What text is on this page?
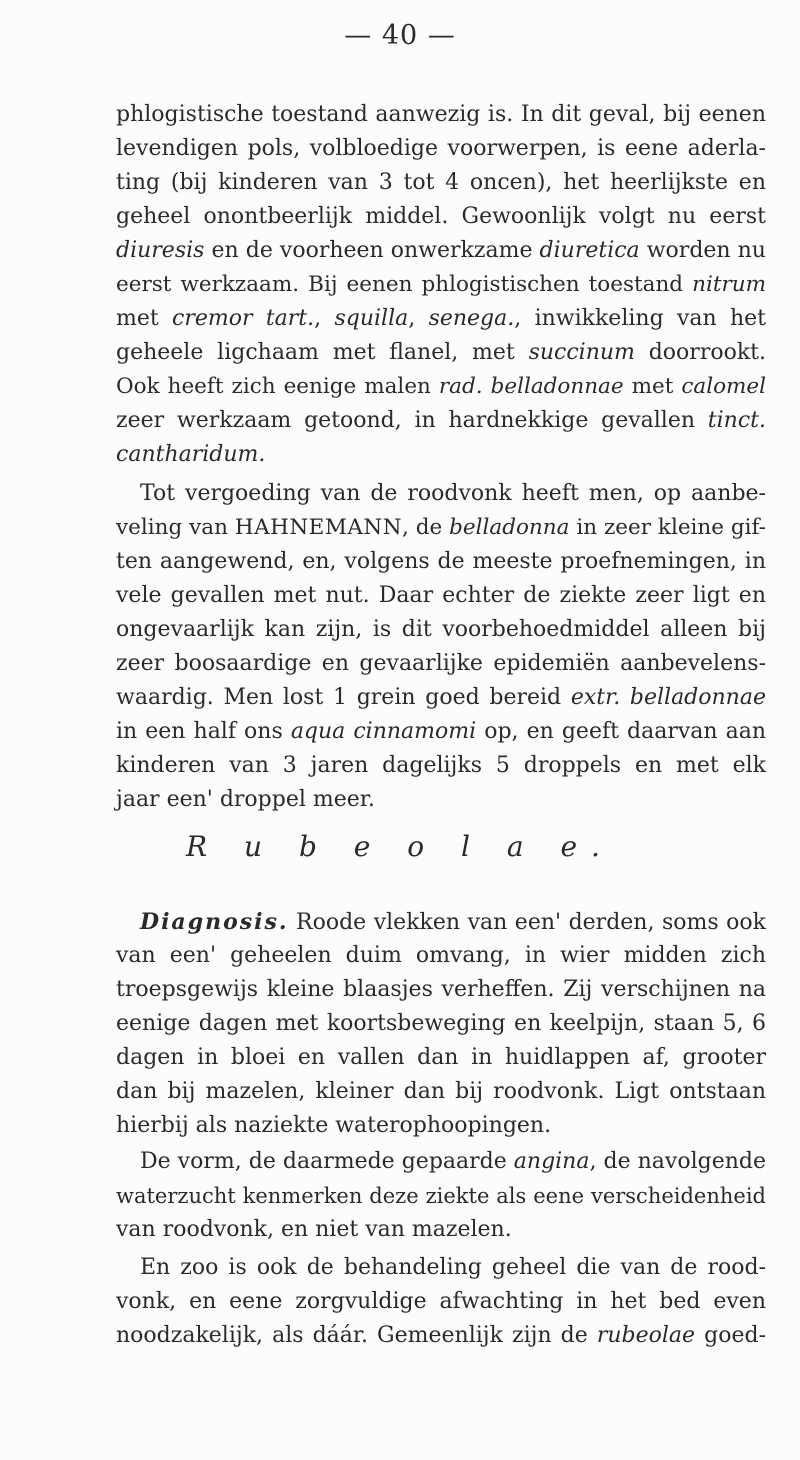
— 40 —
phlogistische toestand aanwezig is. In dit geval, bij eenen
levendigen pols, volbloedige voorwerpen, is eene aderla-
ting (bij kinderen van 3 tot 4 oncen), het heerlijkste en
geheel onontbeerlijk middel. Gewoonlijk volgt nu eerst
diuresis en de voorheen onwerkzame diuretica worden nu
eerst werkzaam. Bij eenen phlogistischen toestand nitrum
met cremor tart., squilla, senega., inwikkeling van het
geheele ligchaam met flanel, met succinum doorrookt.
Ook heeft zich eenige malen rad. belladonnae met calomel
zeer werkzaam getoond, in hardnekkige gevallen tinct.
cantharidum.
Tot vergoeding van de roodvonk heeft men, op aanbe-
veling van HAHNEMANN, de belladonna in zeer kleine gif-
ten aangewend, en, volgens de meeste proefnemingen, in
vele gevallen met nut. Daar echter de ziekte zeer ligt en
ongevaarlijk kan zijn, is dit voorbehoedmiddel alleen bij
zeer boosaardige en gevaarlijke epidemiën aanbevelens-
waardig. Men lost 1 grein goed bereid extr. belladonnae
in een half ons aqua cinnamomi op, en geeft daarvan aan
kinderen van 3 jaren dagelijks 5 droppels en met elk
jaar een' droppel meer.
R u b e o l a e.
Diagnosis. Roode vlekken van een' derden, soms ook
van een' geheelen duim omvang, in wier midden zich
troepsgewijs kleine blaasjes verheffen. Zij verschijnen na
eenige dagen met koortsbeweging en keelpijn, staan 5, 6
dagen in bloei en vallen dan in huidlappen af, grooter
dan bij mazelen, kleiner dan bij roodvonk. Ligt ontstaan
hierbij als naziekte waterophoopingen.
De vorm, de daarmede gepaarde angina, de navolgende
waterzucht kenmerken deze ziekte als eene verscheidenheid
van roodvonk, en niet van mazelen.
En zoo is ook de behandeling geheel die van de rood-
vonk, en eene zorgvuldige afwachting in het bed even
noodzakelijk, als dáár. Gemeenlijk zijn de rubeolae goed-
